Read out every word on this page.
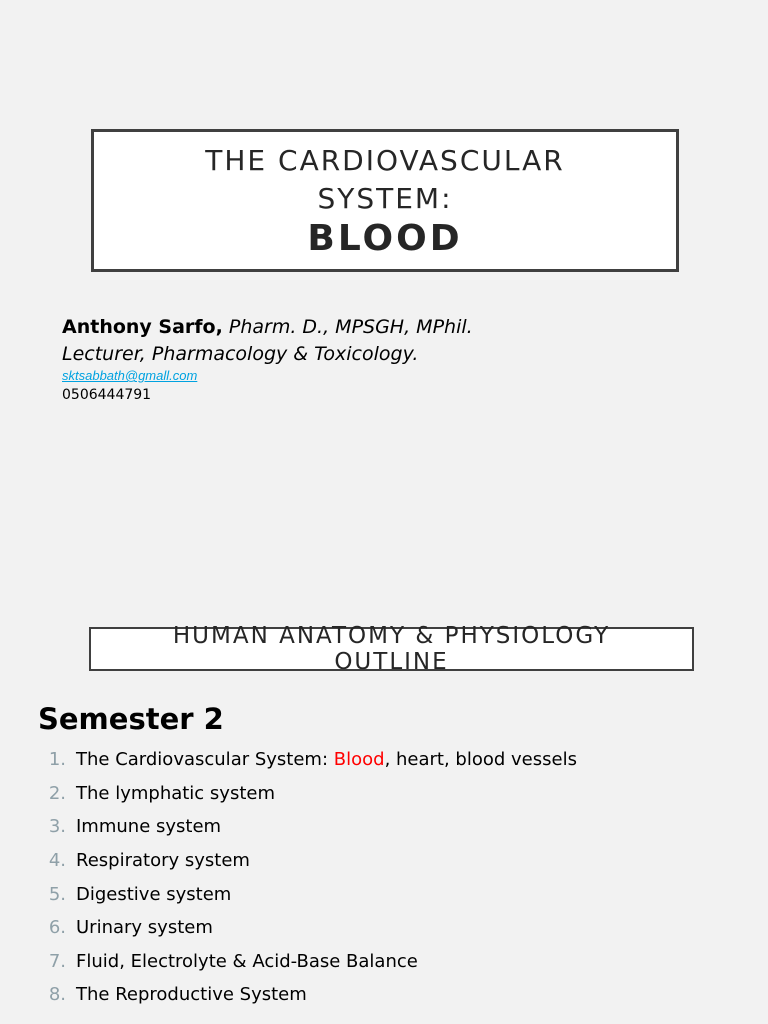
THE CARDIOVASCULAR
SYSTEM:
BLOOD
Anthony Sarfo, Pharm. D., MPSGH, MPhil.
Lecturer, Pharmacology & Toxicology.
sktsabbath@gmall.com
0506444791
HUMAN ANATOMY & PHYSIOLOGY
OUTLINE
Semester 2
1. The Cardiovascular System: Blood, heart, blood vessels
2. The lymphatic system
3. Immune system
4. Respiratory system
5. Digestive system
6. Urinary system
7. Fluid, Electrolyte & Acid-Base Balance
8. The Reproductive System
